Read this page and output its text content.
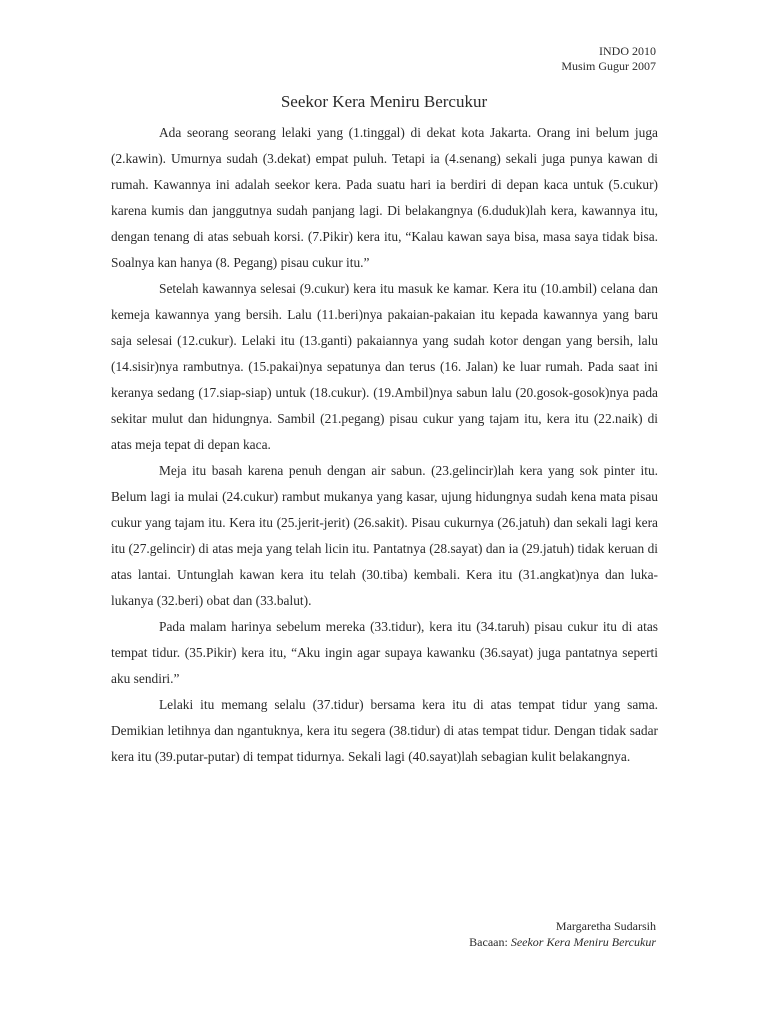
INDO 2010
Musim Gugur 2007
Seekor Kera Meniru Bercukur

Ada seorang seorang lelaki yang (1.tinggal) di dekat kota Jakarta. Orang ini belum juga (2.kawin). Umurnya sudah (3.dekat) empat puluh. Tetapi ia (4.senang) sekali juga punya kawan di rumah. Kawannya ini adalah seekor kera. Pada suatu hari ia berdiri di depan kaca untuk (5.cukur) karena kumis dan janggutnya sudah panjang lagi. Di belakangnya (6.duduk)lah kera, kawannya itu, dengan tenang di atas sebuah korsi. (7.Pikir) kera itu, “Kalau kawan saya bisa, masa saya tidak bisa. Soalnya kan hanya (8. Pegang) pisau cukur itu.”

Setelah kawannya selesai (9.cukur) kera itu masuk ke kamar. Kera itu (10.ambil) celana dan kemeja kawannya yang bersih. Lalu (11.beri)nya pakaian-pakaian itu kepada kawannya yang baru saja selesai (12.cukur). Lelaki itu (13.ganti) pakaiannya yang sudah kotor dengan yang bersih, lalu (14.sisir)nya rambutnya. (15.pakai)nya sepatunya dan terus (16. Jalan) ke luar rumah. Pada saat ini keranya sedang (17.siap-siap) untuk (18.cukur). (19.Ambil)nya sabun lalu (20.gosok-gosok)nya pada sekitar mulut dan hidungnya. Sambil (21.pegang) pisau cukur yang tajam itu, kera itu (22.naik) di atas meja tepat di depan kaca.

Meja itu basah karena penuh dengan air sabun. (23.gelincir)lah kera yang sok pinter itu. Belum lagi ia mulai (24.cukur) rambut mukanya yang kasar, ujung hidungnya sudah kena mata pisau cukur yang tajam itu. Kera itu (25.jerit-jerit) (26.sakit). Pisau cukurnya (26.jatuh) dan sekali lagi kera itu (27.gelincir) di atas meja yang telah licin itu. Pantatnya (28.sayat) dan ia (29.jatuh) tidak keruan di atas lantai. Untunglah kawan kera itu telah (30.tiba) kembali. Kera itu (31.angkat)nya dan luka-lukanya (32.beri) obat dan (33.balut).

Pada malam harinya sebelum mereka (33.tidur), kera itu (34.taruh) pisau cukur itu di atas tempat tidur. (35.Pikir) kera itu, “Aku ingin agar supaya kawanku (36.sayat) juga pantatnya seperti aku sendiri.”

Lelaki itu memang selalu (37.tidur) bersama kera itu di atas tempat tidur yang sama. Demikian letihnya dan ngantuknya, kera itu segera (38.tidur) di atas tempat tidur. Dengan tidak sadar kera itu (39.putar-putar) di tempat tidurnya. Sekali lagi (40.sayat)lah sebagian kulit belakangnya.

Margaretha Sudarsih
Bacaan: Seekor Kera Meniru Bercukur
